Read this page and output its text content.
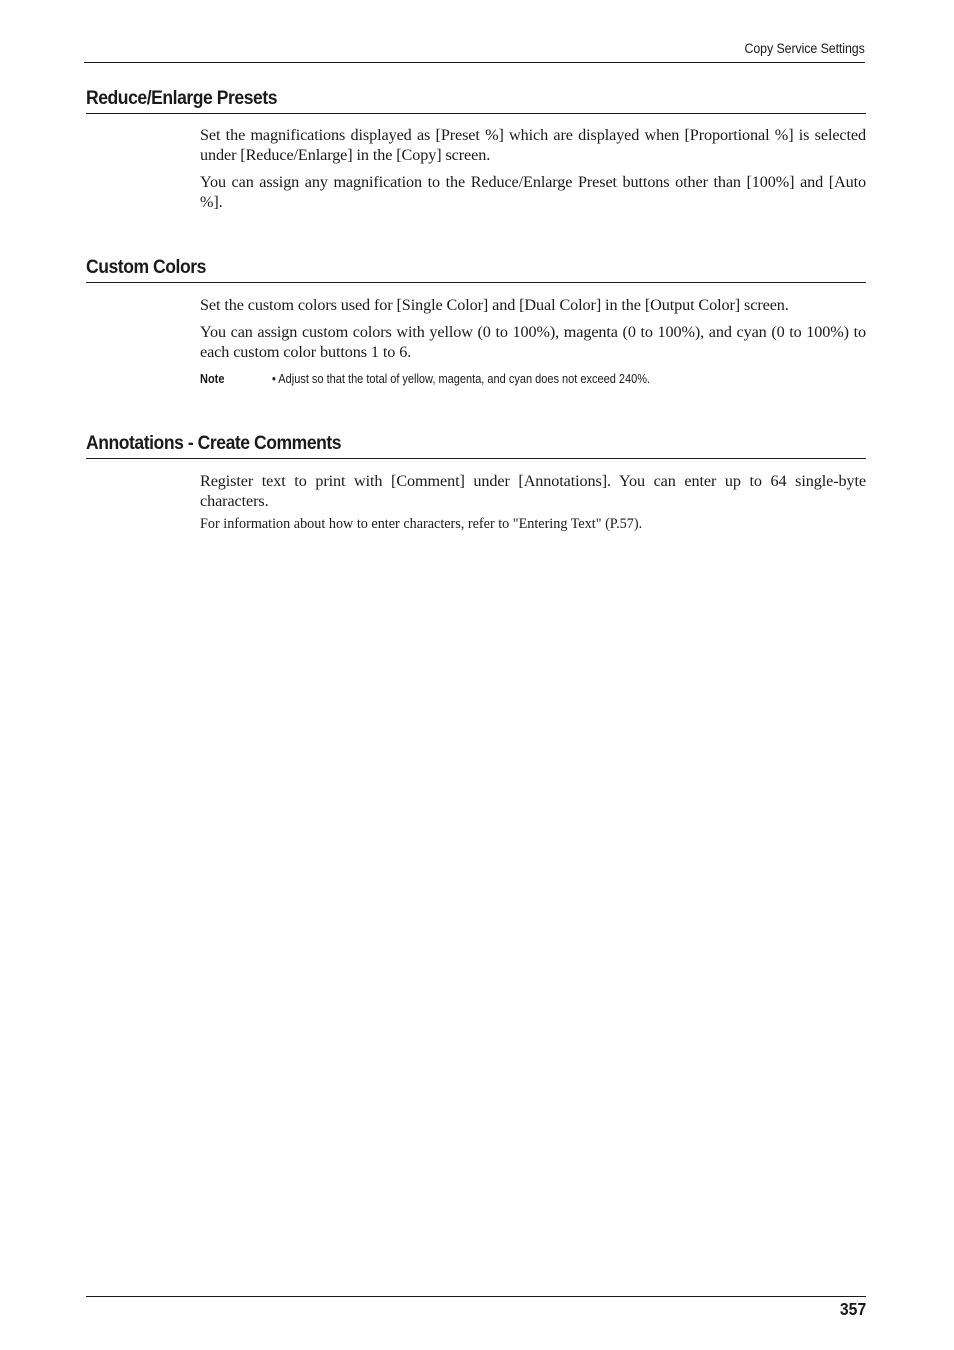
Copy Service Settings
Reduce/Enlarge Presets

Set the magnifications displayed as [Preset %] which are displayed when [Proportional %] is selected under [Reduce/Enlarge] in the [Copy] screen.

You can assign any magnification to the Reduce/Enlarge Preset buttons other than [100%] and [Auto %].

Custom Colors

Set the custom colors used for [Single Color] and [Dual Color] in the [Output Color] screen.

You can assign custom colors with yellow (0 to 100%), magenta (0 to 100%), and cyan (0 to 100%) to each custom color buttons 1 to 6.

Note	• Adjust so that the total of yellow, magenta, and cyan does not exceed 240%.
Annotations - Create Comments

Register text to print with [Comment] under [Annotations]. You can enter up to 64 single-byte characters.

For information about how to enter characters, refer to "Entering Text" (P.57).

357
